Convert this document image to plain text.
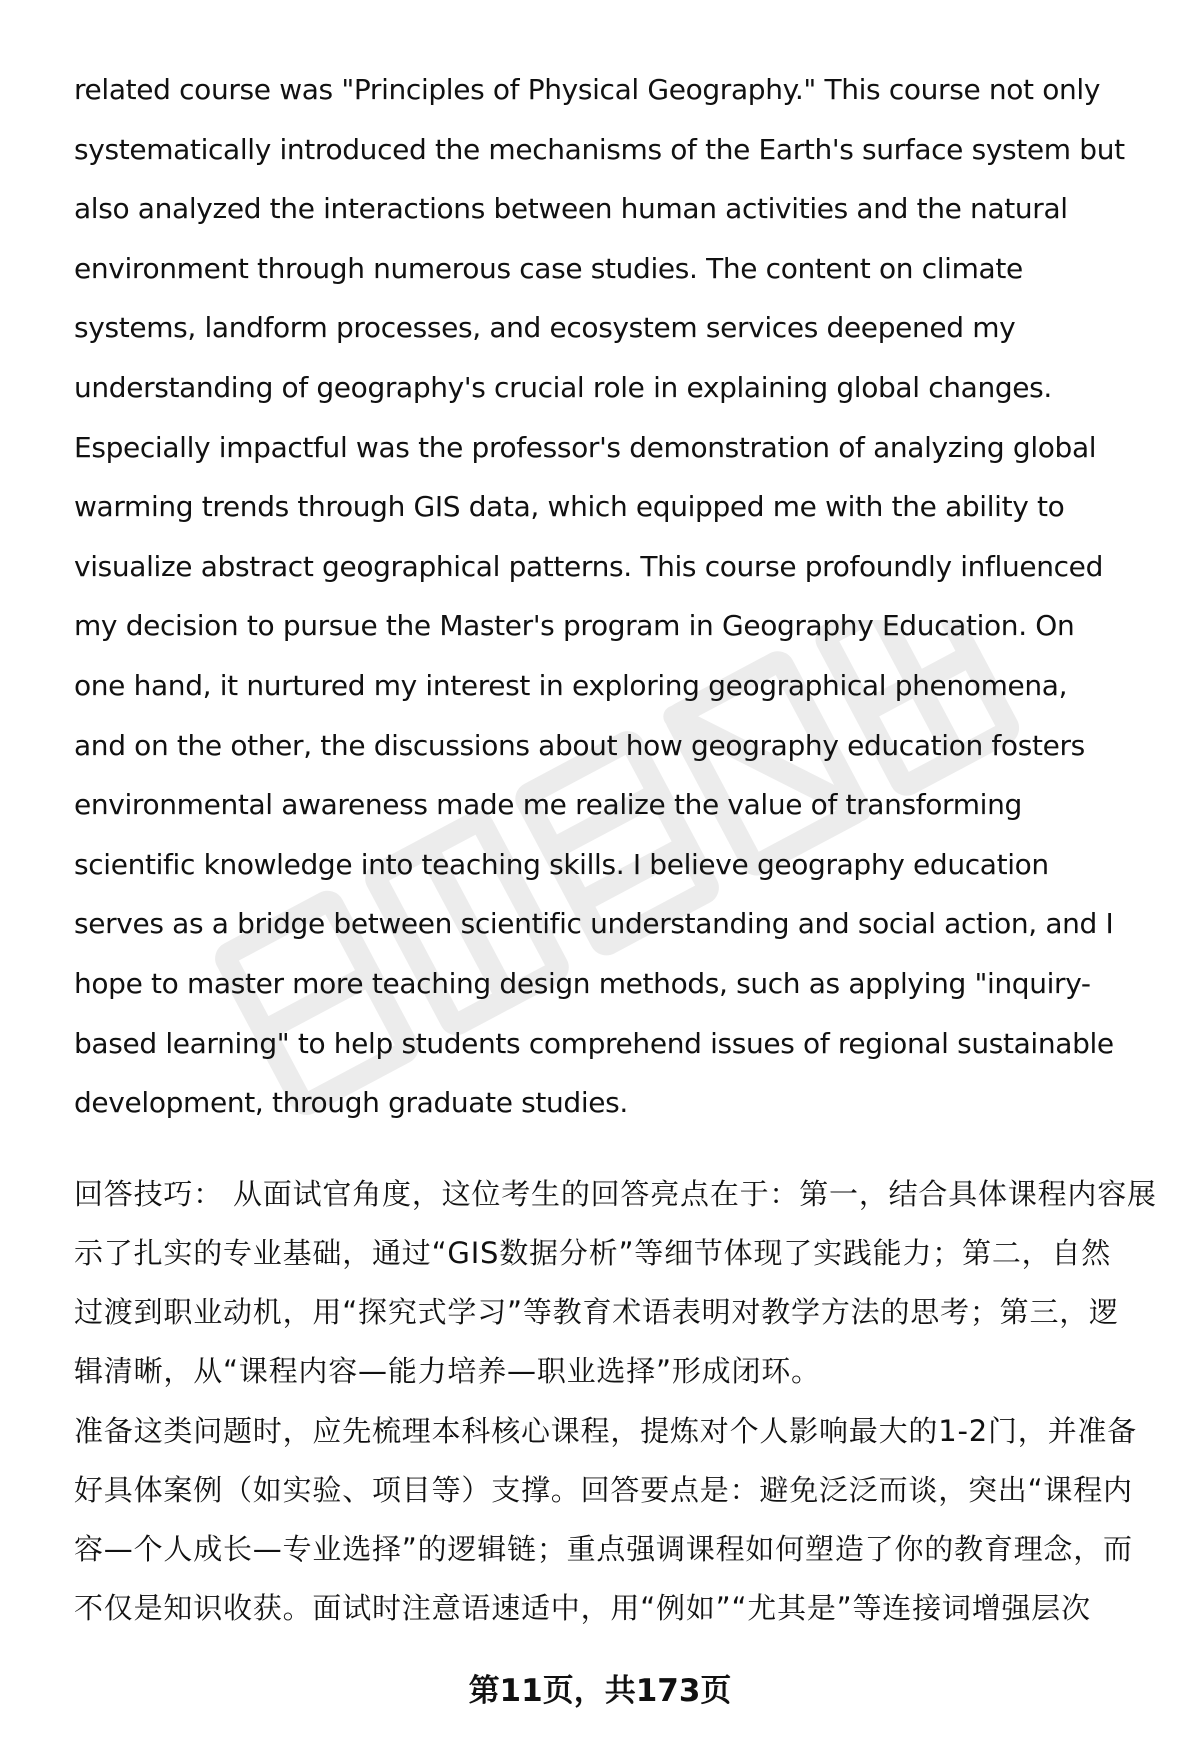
related course was "Principles of Physical Geography." This course not only
systematically introduced the mechanisms of the Earth's surface system but
also analyzed the interactions between human activities and the natural
environment through numerous case studies. The content on climate
systems, landform processes, and ecosystem services deepened my
understanding of geography's crucial role in explaining global changes.
Especially impactful was the professor's demonstration of analyzing global
warming trends through GIS data, which equipped me with the ability to
visualize abstract geographical patterns. This course profoundly influenced
my decision to pursue the Master's program in Geography Education. On
one hand, it nurtured my interest in exploring geographical phenomena,
and on the other, the discussions about how geography education fosters
environmental awareness made me realize the value of transforming
scientific knowledge into teaching skills. I believe geography education
serves as a bridge between scientific understanding and social action, and I
hope to master more teaching design methods, such as applying "inquiry-
based learning" to help students comprehend issues of regional sustainable
development, through graduate studies.
回答技巧： 从面试官角度，这位考生的回答亮点在于：第一，结合具体课程内容展
示了扎实的专业基础，通过“GIS数据分析”等细节体现了实践能力；第二，自然
过渡到职业动机，用“探究式学习”等教育术语表明对教学方法的思考；第三，逻
辑清晰，从“课程内容—能力培养—职业选择”形成闭环。
准备这类问题时，应先梳理本科核心课程，提炼对个人影响最大的1-2门，并准备
好具体案例（如实验、项目等）支撑。回答要点是：避免泛泛而谈，突出“课程内
容—个人成长—专业选择”的逻辑链；重点强调课程如何塑造了你的教育理念，而
不仅是知识收获。面试时注意语速适中，用“例如”“尤其是”等连接词增强层次
第11页，共173页
